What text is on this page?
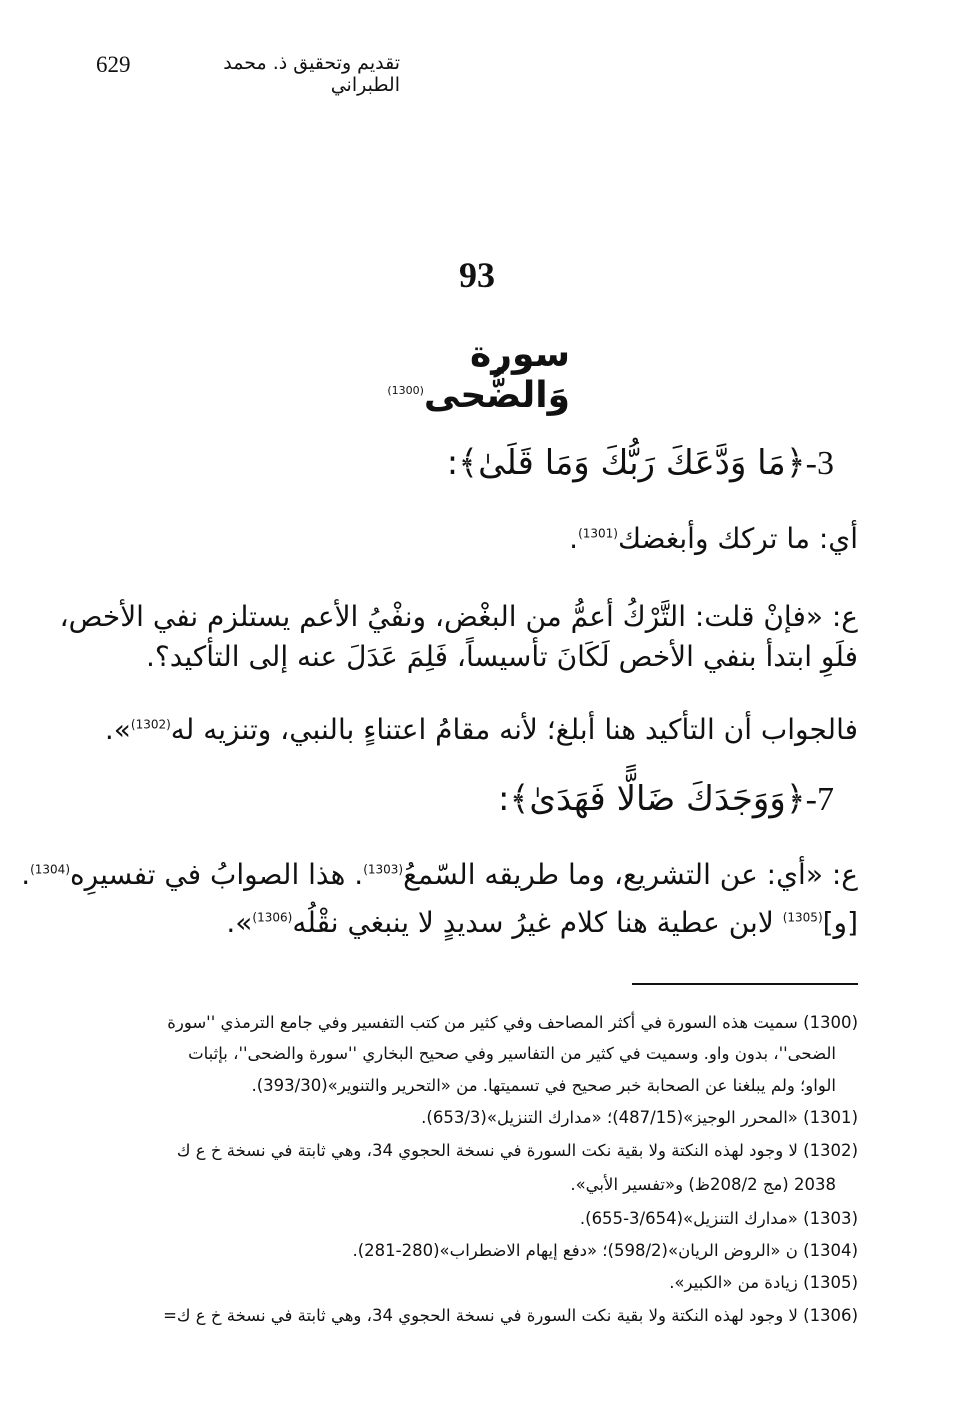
629	تقديم وتحقيق ذ. محمد الطبراني
93
سورة وَالضُّحى$^{(1300)}$
3-﴿مَا وَدَّعَكَ رَبُّكَ وَمَا قَلَىٰ﴾:
أي: ما تركك وأبغضك$^{(1301)}$.
ع: «فإنْ قلت: التَّرْكُ أعمُّ من البغْض، ونفْيُ الأعم يستلزم نفي الأخص،
فلَوِ ابتدأ بنفي الأخص لَكَانَ تأسيساً، فَلِمَ عَدَلَ عنه إلى التأكيد؟.
فالجواب أن التأكيد هنا أبلغ؛ لأنه مقامُ اعتناءٍ بالنبي، وتنزيه له$^{(1302)}$».
7-﴿وَوَجَدَكَ ضَالًّا فَهَدَىٰ﴾:
ع: «أي: عن التشريع، وما طريقه السّمعُ$^{(1303)}$. هذا الصوابُ في تفسيرِه$^{(1304)}$.
[و]$^{(1305)}$ لابن عطية هنا كلام غيرُ سديدٍ لا ينبغي نقْلُه$^{(1306)}$».
(1300) سميت هذه السورة في أكثر المصاحف وفي كثير من كتب التفسير وفي جامع الترمذي ''سورة
الضحى''، بدون واو. وسميت في كثير من التفاسير وفي صحيح البخاري ''سورة والضحى''، بإثبات
الواو؛ ولم يبلغنا عن الصحابة خبر صحيح في تسميتها. من «التحرير والتنوير»(393/30).
(1301) «المحرر الوجيز»(487/15)؛ «مدارك التنزيل»(653/3).
(1302) لا وجود لهذه النكتة ولا بقية نكت السورة في نسخة الحجوي 34، وهي ثابتة في نسخة خ ع ك
2038 (مج 208/2ظ) و«تفسير الأبي».
(1303) «مدارك التنزيل»(3/654-655).
(1304) ن «الروض الريان»(598/2)؛ «دفع إيهام الاضطراب»(280-281).
(1305) زيادة من «الكبير».
(1306) لا وجود لهذه النكتة ولا بقية نكت السورة في نسخة الحجوي 34، وهي ثابتة في نسخة خ ع ك=
